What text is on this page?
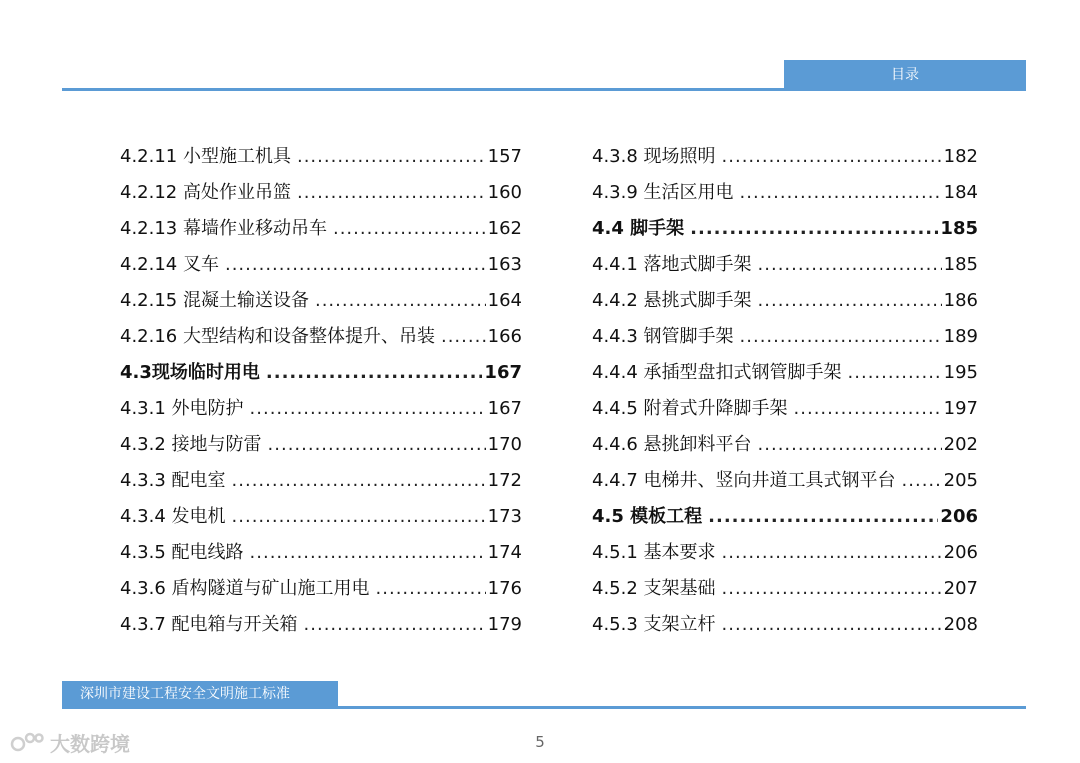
目录
4.2.11 小型施工机具 .....	157
4.2.12 高处作业吊篮 .....	160
4.2.13 幕墙作业移动吊车 .....	162
4.2.14 叉车 .....	163
4.2.15 混凝土输送设备 .....	164
4.2.16 大型结构和设备整体提升、吊装 .....	166
4.3现场临时用电 .....	167
4.3.1 外电防护 .....	167
4.3.2 接地与防雷 .....	170
4.3.3 配电室 .....	172
4.3.4 发电机 .....	173
4.3.5 配电线路 .....	174
4.3.6 盾构隧道与矿山施工用电 .....	176
4.3.7 配电箱与开关箱 .....	179
4.3.8 现场照明 .....	182
4.3.9 生活区用电 .....	184
4.4 脚手架 .....	185
4.4.1 落地式脚手架 .....	185
4.4.2 悬挑式脚手架 .....	186
4.4.3 钢管脚手架 .....	189
4.4.4 承插型盘扣式钢管脚手架 .....	195
4.4.5 附着式升降脚手架 .....	197
4.4.6 悬挑卸料平台 .....	202
4.4.7 电梯井、竖向井道工具式钢平台 .....	205
4.5 模板工程 .....	206
4.5.1 基本要求 .....	206
4.5.2 支架基础 .....	207
4.5.3 支架立杆 .....	208
深圳市建设工程安全文明施工标准
5
大数跨境
